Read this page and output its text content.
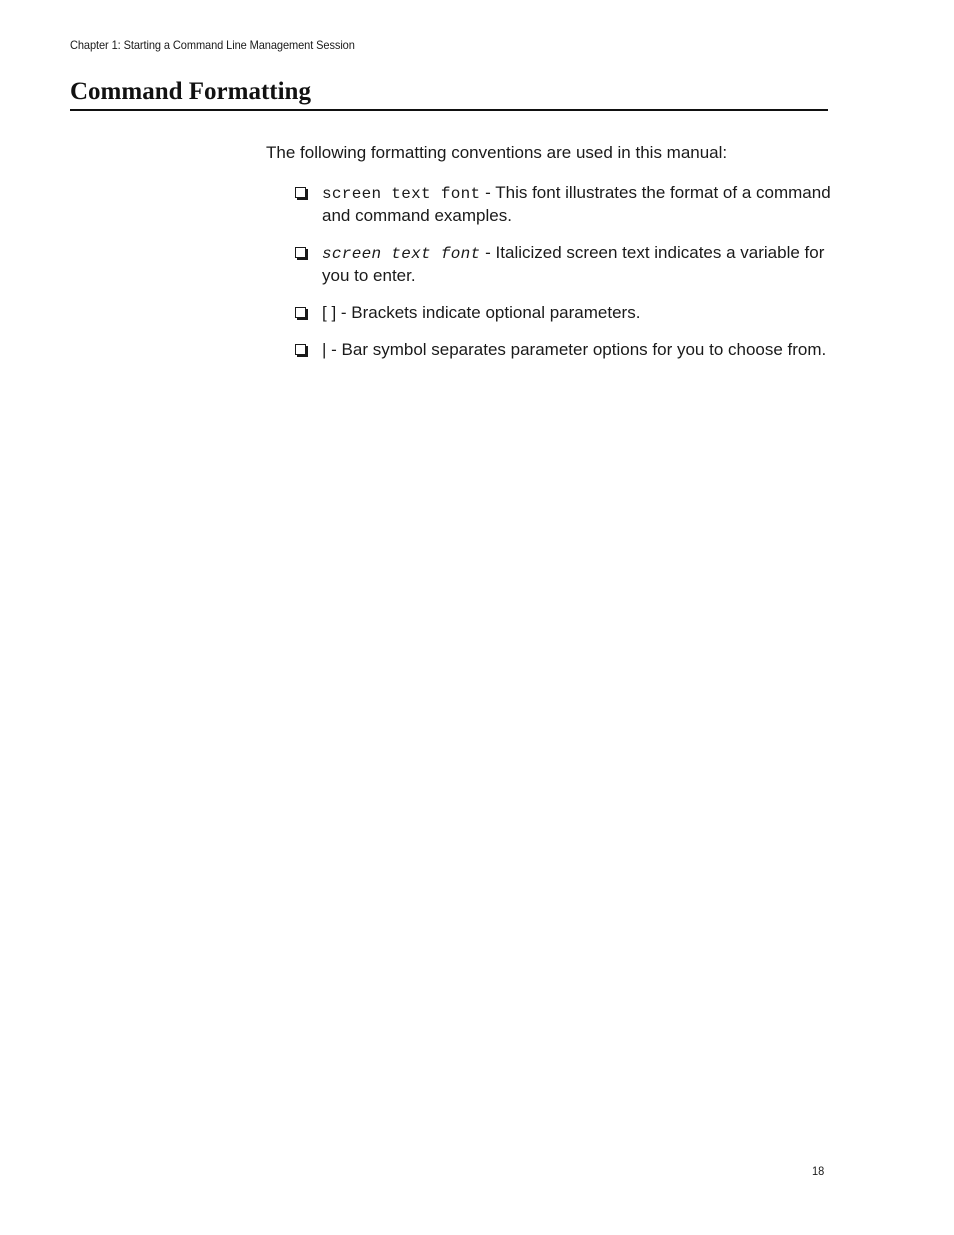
Chapter 1: Starting a Command Line Management Session
Command Formatting

The following formatting conventions are used in this manual:

screen text font - This font illustrates the format of a command and command examples.
screen text font - Italicized screen text indicates a variable for you to enter.
[ ] - Brackets indicate optional parameters.
| - Bar symbol separates parameter options for you to choose from.
18
